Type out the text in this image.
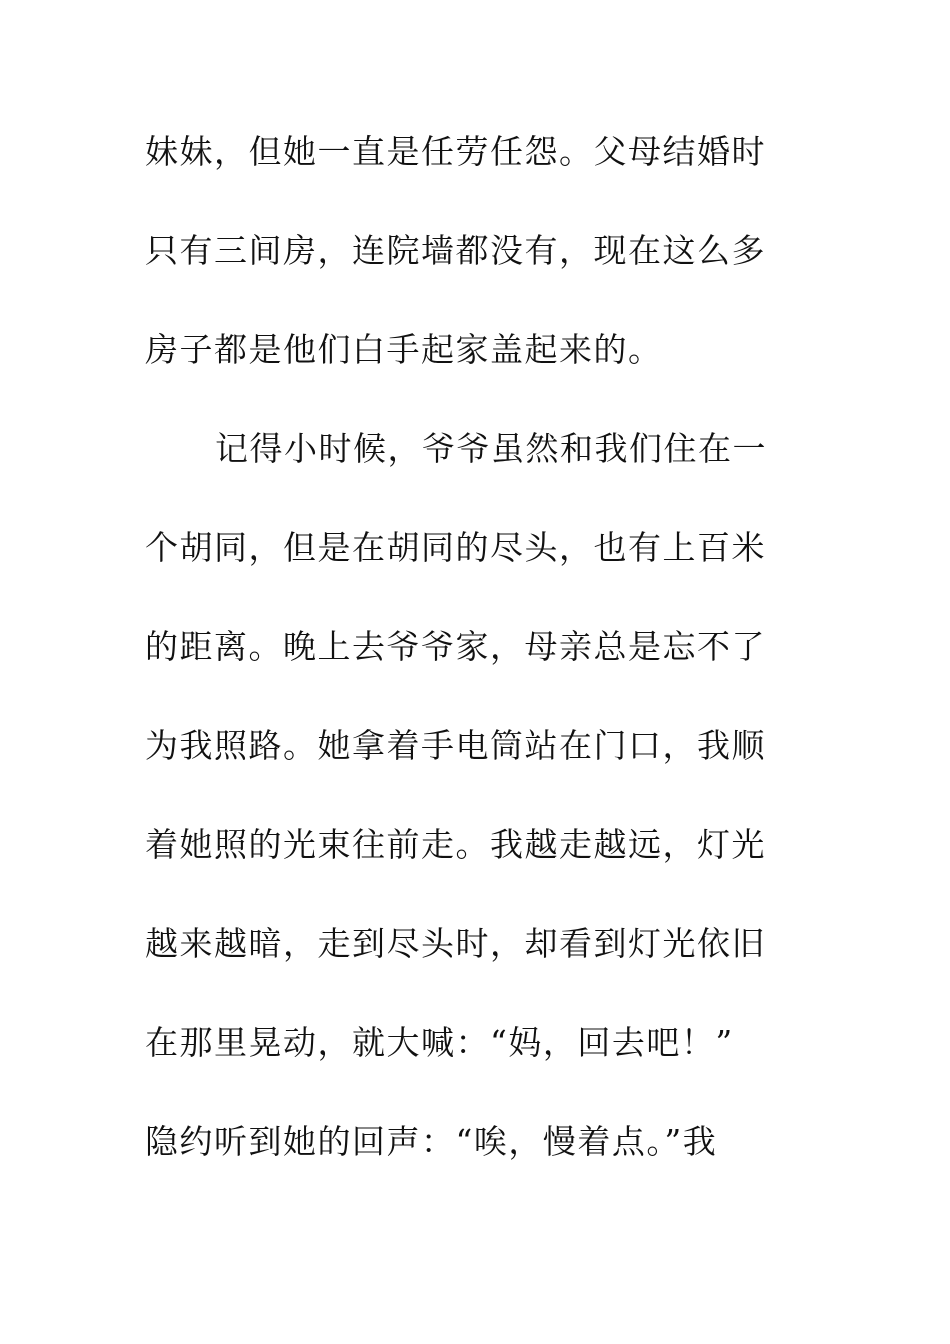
妹妹，但她一直是任劳任怨。父母结婚时
只有三间房，连院墙都没有，现在这么多
房子都是他们白手起家盖起来的。
记得小时候，爷爷虽然和我们住在一
个胡同，但是在胡同的尽头，也有上百米
的距离。晚上去爷爷家，母亲总是忘不了
为我照路。她拿着手电筒站在门口，我顺
着她照的光束往前走。我越走越远，灯光
越来越暗，走到尽头时，却看到灯光依旧
在那里晃动，就大喊：“妈，回去吧！”
隐约听到她的回声：“唉，慢着点。”我
